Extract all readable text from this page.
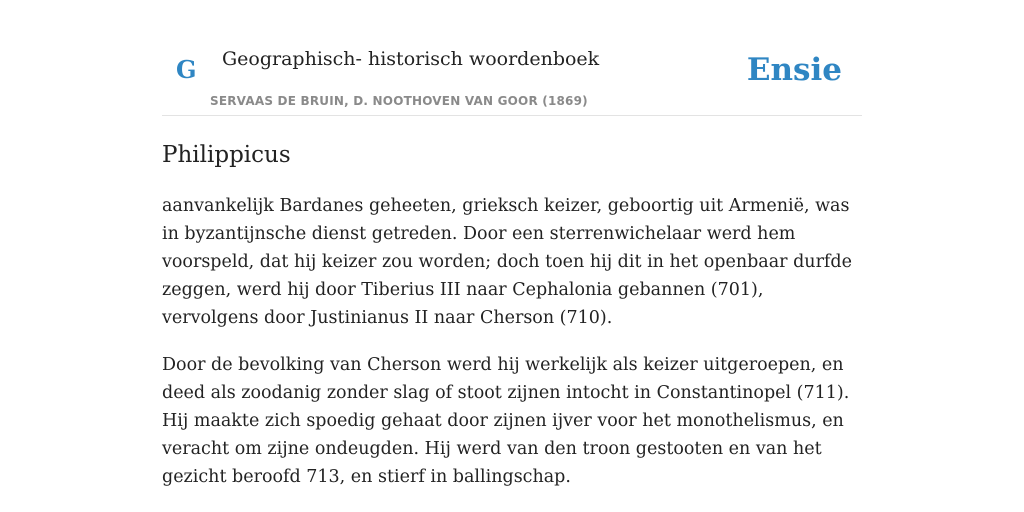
G Geographisch- historisch woordenboek
SERVAAS DE BRUIN, D. NOOTHOVEN VAN GOOR (1869)
Ensie
Philippicus

aanvankelijk Bardanes geheeten, grieksch keizer, geboortig uit Armenië, was in byzantijnsche dienst getreden. Door een sterrenwichelaar werd hem voorspeld, dat hij keizer zou worden; doch toen hij dit in het openbaar durfde zeggen, werd hij door Tiberius III naar Cephalonia gebannen (701), vervolgens door Justinianus II naar Cherson (710).

Door de bevolking van Cherson werd hij werkelijk als keizer uitgeroepen, en deed als zoodanig zonder slag of stoot zijnen intocht in Constantinopel (711). Hij maakte zich spoedig gehaat door zijnen ijver voor het monothelismus, en veracht om zijne ondeugden. Hij werd van den troon gestooten en van het gezicht beroofd 713, en stierf in ballingschap.
